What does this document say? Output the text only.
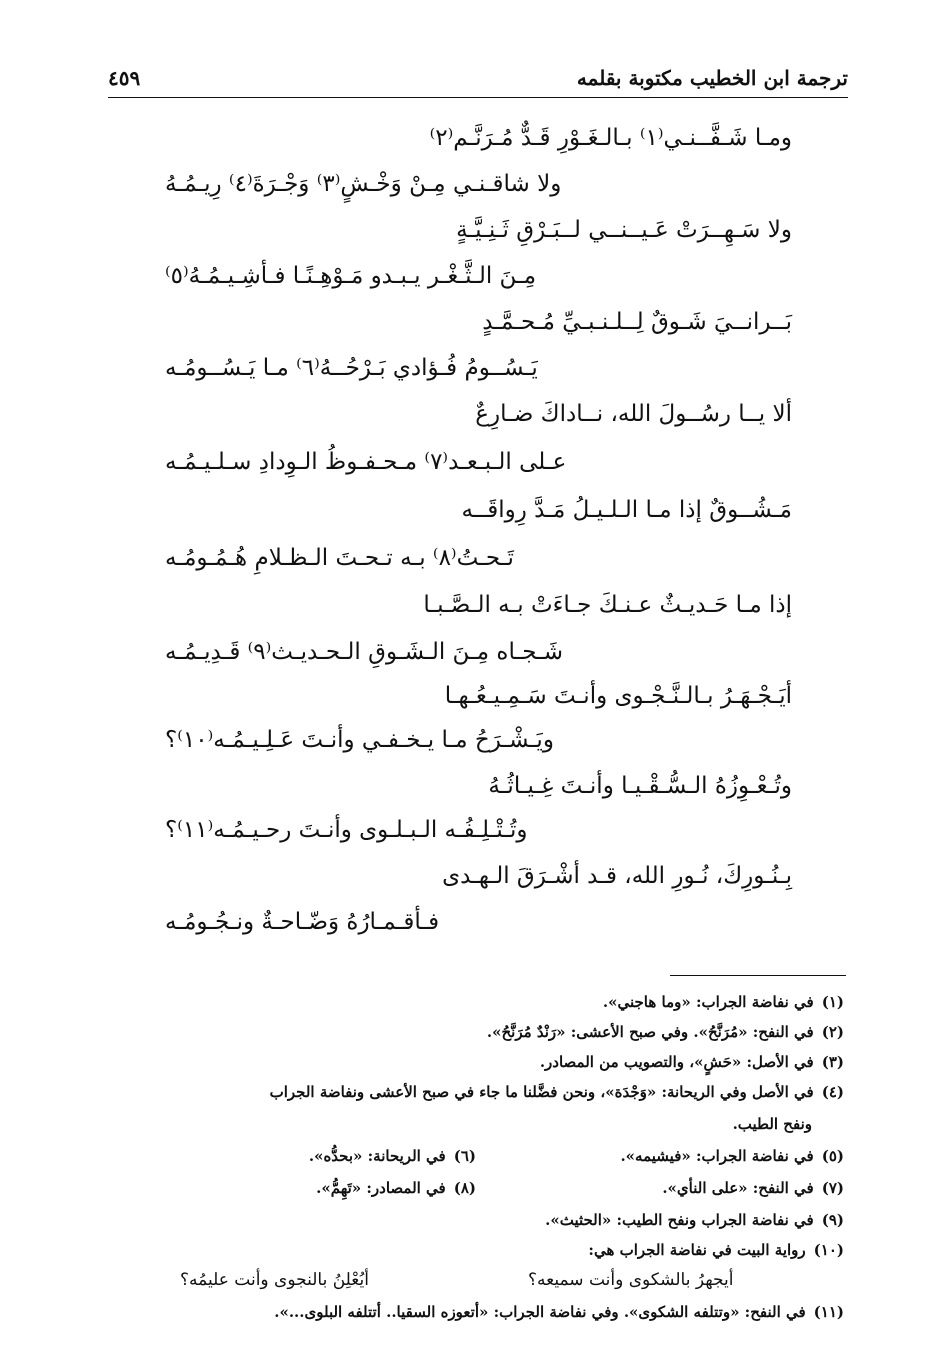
ترجمة ابن الخطيب مكتوبة بقلمه
٤٥٩
ومـا شَـفَّــنـي⁽١⁾ بـالـغَـوْرِ قَـدٌّ مُـرَنَّـم⁽٢⁾
ولا شاقـنـي مِـنْ وَخْـشٍ⁽٣⁾ وَجْـرَةَ⁽٤⁾ رِيـمُـهُ
ولا سَـهِــرَتْ عَـيــنــي لــبَـرْقِ ثَـنِـيَّـةٍ
مِـنَ الـثَّـغْـر يـبـدو مَـوْهِـنًـا فـأشِـيـمُـهُ⁽٥⁾
بَــرانــيَ شَـوقٌ لِــلـنـبـيِّ مُـحـمَّـدٍ
يَـسُــومُ فُـؤادي بَـرْحُــهُ⁽٦⁾ مـا يَـسُــومُـه
ألا يــا رسُــولَ الله، نــاداكَ ضـارِعٌ
عـلى الـبـعـد⁽٧⁾ مـحـفـوظُ الـوِدادِ سـلـيـمُـه
مَـشُــوقٌ إذا مـا الـلـيـلُ مَـدَّ رِواقَــه
تَـحـتُ⁽٨⁾ بـه تـحـتَ الـظـلامِ هُـمُـومُـه
إذا مـا حَـديـثٌ عـنـكَ جـاءَتْ بـه الـصَّـبـا
شَـجـاه مِـنَ الـشَـوقِ الـحـديـث⁽٩⁾ قَـدِيـمُـه
أيَـجْـهَـرُ بـالـنَّـجْـوى وأنـتَ سَـمِـيـعُـهـا
ويَـشْـرَحُ مـا يـخـفـي وأنـتَ عَـلِـيـمُـه⁽١٠⁾؟
وتُـعْـوِزُهُ الـسُّـقْـيـا وأنـتَ غِـيـاثُـهُ
وتُـتْـلِـفُـه الـبـلـوى وأنـتَ رحـيـمُـه⁽١١⁾؟
بِـنُـورِكَ، نُـورِ الله، قـد أشْـرَقَ الـهـدى
فـأقـمـارُهُ وَضّـاحـةٌ ونـجُـومُـه
(١)في نفاضة الجراب: «وما هاجني».
(٢)في النفح: «مُرَنَّحُ». وفي صبح الأعشى: «رَنْدٌ مُرَنَّحُ».
(٣)في الأصل: «حَشٍ»، والتصويب من المصادر.
(٤)في الأصل وفي الريحانة: «وَجْدَة»، ونحن فضَّلنا ما جاء في صبح الأعشى ونفاضة الجراب
ونفح الطيب.
(٥)في نفاضة الجراب: «فيشيمه».
(٦)في الريحانة: «بحدُّه».
(٧)في النفح: «على النأي».
(٨)في المصادر: «تَهِمُّ».
(٩)في نفاضة الجراب ونفح الطيب: «الحثيث».
(١٠)رواية البيت في نفاضة الجراب هي:
أيجهرُ بالشكوى وأنت سميعه؟
أيُعْلِنُ بالنجوى وأنت عليمُه؟
(١١)في النفح: «وتتلفه الشكوى». وفي نفاضة الجراب: «أتعوزه السقيا.. أتتلفه البلوى...».
